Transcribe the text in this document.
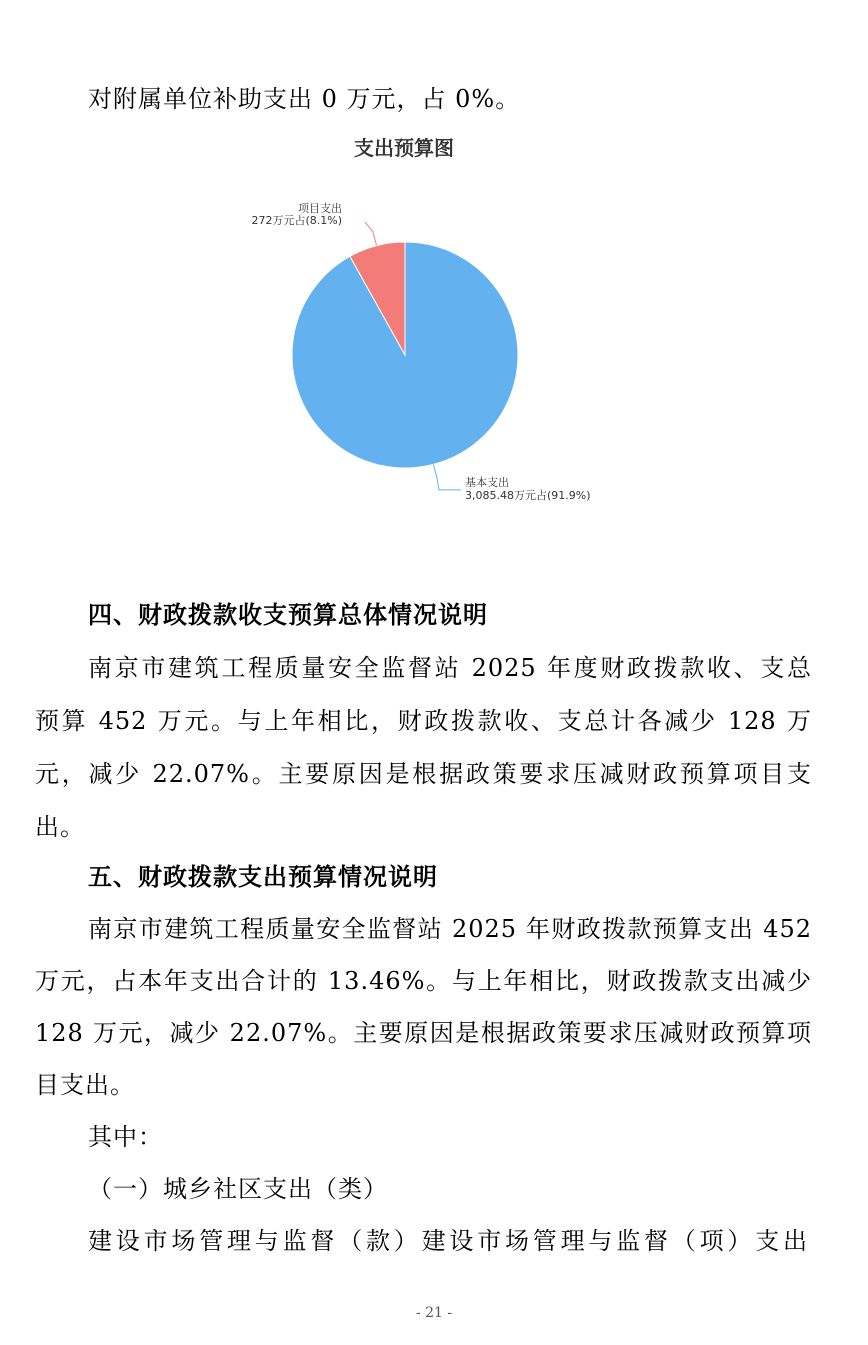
对附属单位补助支出 0 万元，占 0%。
支出预算图
项目支出
272万元占(8.1%)
基本支出
3,085.48万元占(91.9%)
四、财政拨款收支预算总体情况说明
南京市建筑工程质量安全监督站 2025 年度财政拨款收、支总
预算 452 万元。与上年相比，财政拨款收、支总计各减少 128 万
元，减少 22.07%。主要原因是根据政策要求压减财政预算项目支
出。
五、财政拨款支出预算情况说明
南京市建筑工程质量安全监督站 2025 年财政拨款预算支出 452
万元，占本年支出合计的 13.46%。与上年相比，财政拨款支出减少
128 万元，减少 22.07%。主要原因是根据政策要求压减财政预算项
目支出。
其中：
（一）城乡社区支出（类）
建设市场管理与监督（款）建设市场管理与监督（项）支出
- 21 -
